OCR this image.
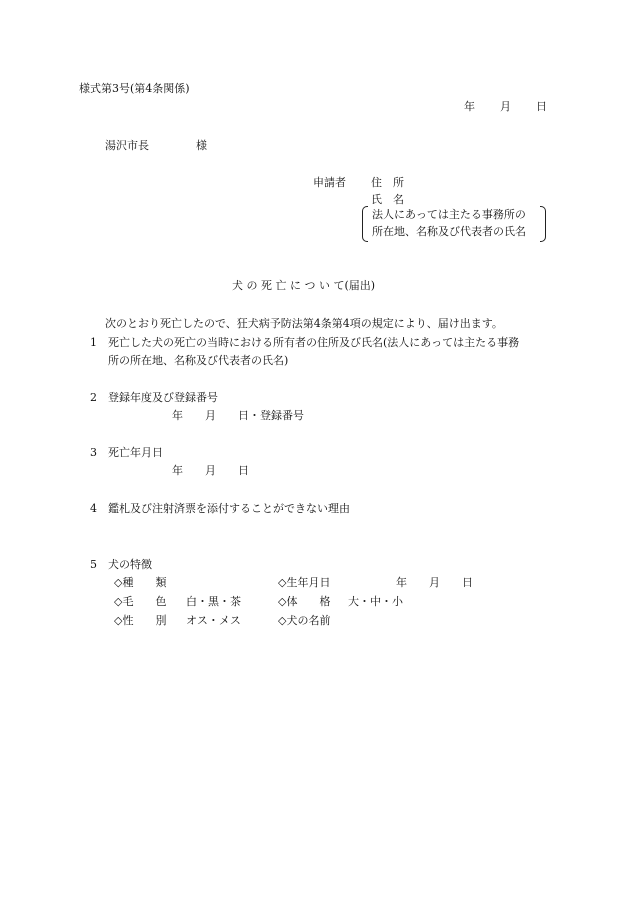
様式第3号(第4条関係)
年 月 日
湯沢市長	様
申請者 住　所
氏　名
法人にあっては主たる事務所の
所在地、名称及び代表者の氏名
犬 の 死 亡 に つ い て(届出)
次のとおり死亡したので、狂犬病予防法第4条第4項の規定により、届け出ます。
1　死亡した犬の死亡の当時における所有者の住所及び氏名(法人にあっては主たる事務
所の所在地、名称及び代表者の氏名)
2　登録年度及び登録番号
年　　月　　日・登録番号
3　死亡年月日
年　　月　　日
4　鑑札及び注射済票を添付することができない理由
5　犬の特徴
◇種　　類	◇生年月日	年　　月　　日
◇毛　　色 白・黒・茶	◇体　　格 大・中・小
◇性　　別 オス・メス	◇犬の名前
